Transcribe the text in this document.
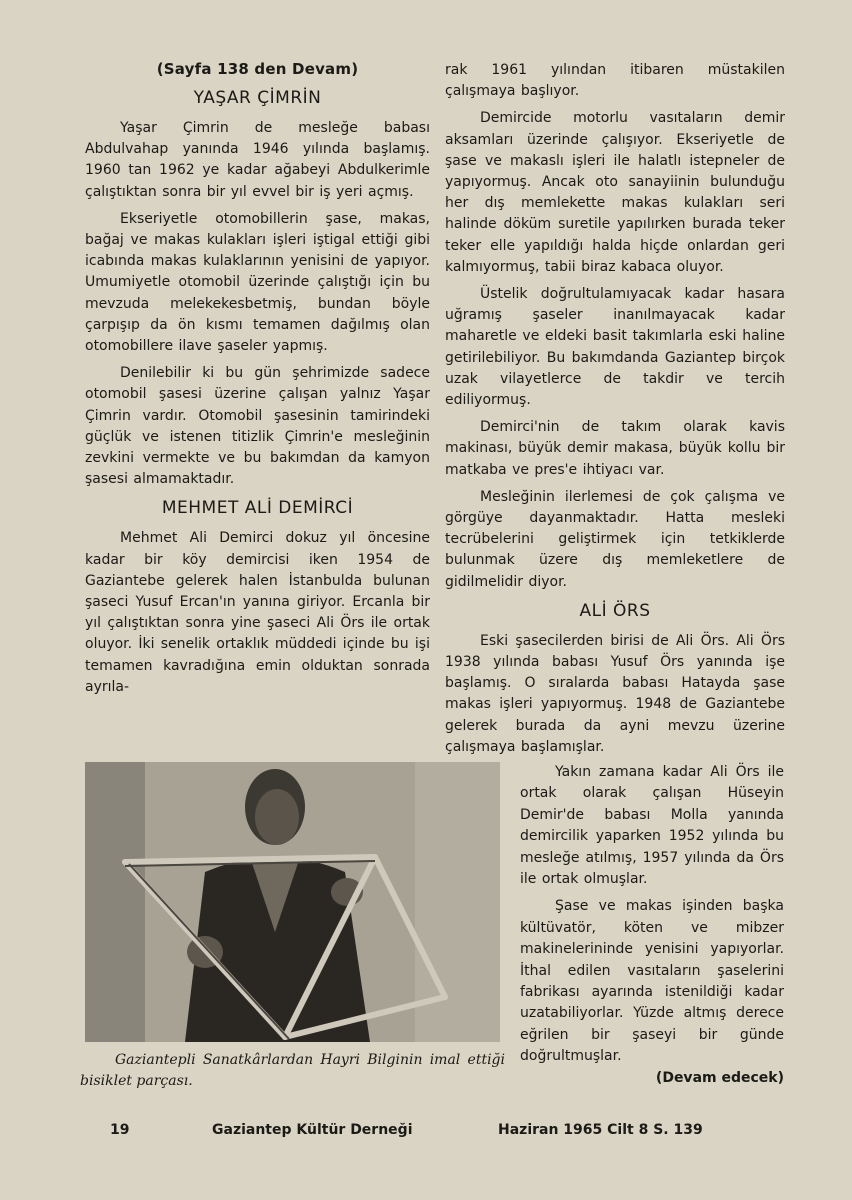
(Sayfa 138 den Devam)
YAŞAR ÇİMRİN

Yaşar Çimrin de mesleğe babası Abdulvahap yanında 1946 yılında başlamış. 1960 tan 1962 ye kadar ağabeyi Abdulkerimle çalıştıktan sonra bir yıl evvel bir iş yeri açmış.

Ekseriyetle otomobillerin şase, makas, bağaj ve makas kulakları işleri iştigal ettiği gibi icabında makas kulaklarının yenisini de yapıyor. Umumiyetle otomobil üzerinde çalıştığı için bu mevzuda melekekesbetmiş, bundan böyle çarpışıp da ön kısmı temamen dağılmış olan otomobillere ilave şaseler yapmış.

Denilebilir ki bu gün şehrimizde sadece otomobil şasesi üzerine çalışan yalnız Yaşar Çimrin vardır. Otomobil şasesinin tamirindeki güçlük ve istenen titizlik Çimrin'e mesleğinin zevkini vermekte ve bu bakımdan da kamyon şasesi almamaktadır.

MEHMET ALİ DEMİRCİ

Mehmet Ali Demirci dokuz yıl öncesine kadar bir köy demircisi iken 1954 de Gaziantebe gelerek halen İstanbulda bulunan şaseci Yusuf Ercan'ın yanına giriyor. Ercanla bir yıl çalıştıktan sonra yine şaseci Ali Örs ile ortak oluyor. İki senelik ortaklık müddedi içinde bu işi temamen kavradığına emin olduktan sonrada ayrıla-

rak 1961 yılından itibaren müstakilen çalışmaya başlıyor.

Demircide motorlu vasıtaların demir aksamları üzerinde çalışıyor. Ekseriyetle de şase ve makaslı işleri ile halatlı istepneler de yapıyormuş. Ancak oto sanayiinin bulunduğu her dış memlekette makas kulakları seri halinde döküm suretile yapılırken burada teker teker elle yapıldığı halda hiçde onlardan geri kalmıyormuş, tabii biraz kabaca oluyor.

Üstelik doğrultulamıyacak kadar hasara uğramış şaseler inanılmayacak kadar maharetle ve eldeki basit takımlarla eski haline getirilebiliyor. Bu bakımdanda Gaziantep birçok uzak vilayetlerce de takdir ve tercih ediliyormuş.

Demirci'nin de takım olarak kavis makinası, büyük demir makasa, büyük kollu bir matkaba ve pres'e ihtiyacı var.

Mesleğinin ilerlemesi de çok çalışma ve görgüye dayanmaktadır. Hatta mesleki tecrübelerini geliştirmek için tetkiklerde bulunmak üzere dış memleketlere de gidilmelidir diyor.

ALİ ÖRS

Eski şasecilerden birisi de Ali Örs. Ali Örs 1938 yılında babası Yusuf Örs yanında işe başlamış. O sıralarda babası Hatayda şase makas işleri yapıyormuş. 1948 de Gaziantebe gelerek burada da ayni mevzu üzerine çalışmaya başlamışlar.

Gaziantepli Sanatkârlardan Hayri Bilginin imal ettiği bisiklet parçası.

Yakın zamana kadar Ali Örs ile ortak olarak çalışan Hüseyin Demir'de babası Molla yanında demircilik yaparken 1952 yılında bu mesleğe atılmış, 1957 yılında da Örs ile ortak olmuşlar.

Şase ve makas işinden başka kültüvatör, köten ve mibzer makinelerininde yenisini yapıyorlar. İthal edilen vasıtaların şaselerini fabrikası ayarında istenildiği kadar uzatabiliyorlar. Yüzde altmış derece eğrilen bir şaseyi bir günde doğrultmuşlar.

(Devam edecek)
19	Gaziantep Kültür Derneği	Haziran 1965 Cilt 8 S. 139
